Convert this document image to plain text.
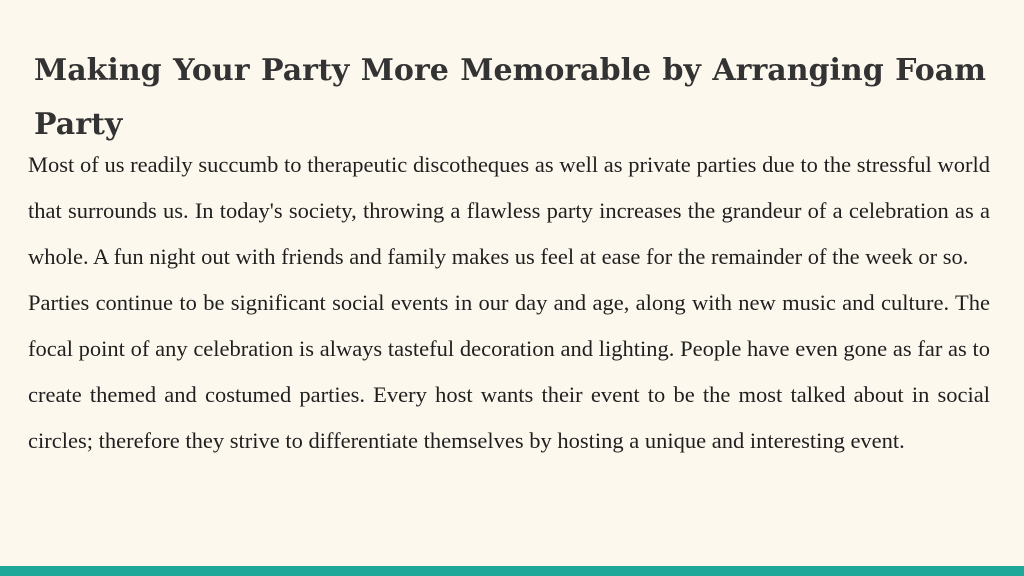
Making Your Party More Memorable by Arranging Foam Party

Most of us readily succumb to therapeutic discotheques as well as private parties due to the stressful world that surrounds us. In today's society, throwing a flawless party increases the grandeur of a celebration as a whole. A fun night out with friends and family makes us feel at ease for the remainder of the week or so.

Parties continue to be significant social events in our day and age, along with new music and culture. The focal point of any celebration is always tasteful decoration and lighting. People have even gone as far as to create themed and costumed parties. Every host wants their event to be the most talked about in social circles; therefore they strive to differentiate themselves by hosting a unique and interesting event.
